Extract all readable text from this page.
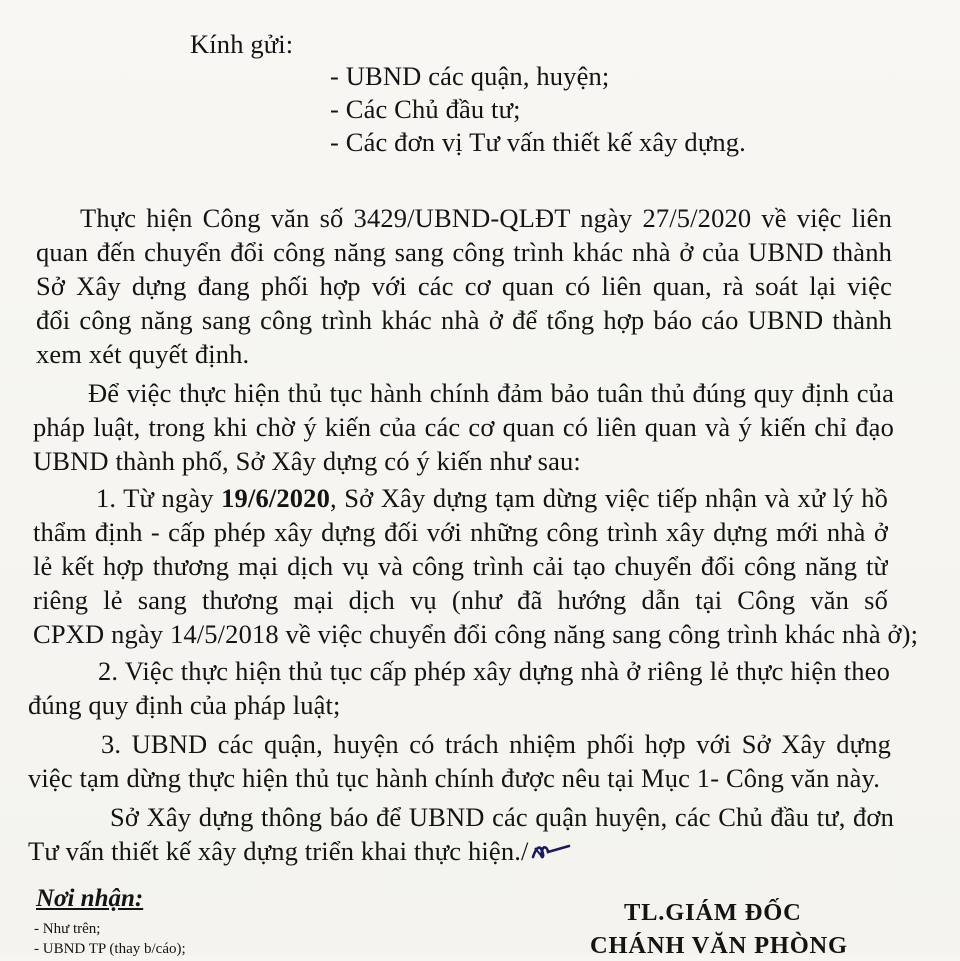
Kính gửi:
- UBND các quận, huyện;
- Các Chủ đầu tư;
- Các đơn vị Tư vấn thiết kế xây dựng.
Thực hiện Công văn số 3429/UBND-QLĐT ngày 27/5/2020 về việc liên
quan đến chuyển đổi công năng sang công trình khác nhà ở của UBND thành
Sở Xây dựng đang phối hợp với các cơ quan có liên quan, rà soát lại việc
đổi công năng sang công trình khác nhà ở để tổng hợp báo cáo UBND thành
xem xét quyết định.
Để việc thực hiện thủ tục hành chính đảm bảo tuân thủ đúng quy định của
pháp luật, trong khi chờ ý kiến của các cơ quan có liên quan và ý kiến chỉ đạo
UBND thành phố, Sở Xây dựng có ý kiến như sau:
1. Từ ngày 19/6/2020, Sở Xây dựng tạm dừng việc tiếp nhận và xử lý hồ
thẩm định - cấp phép xây dựng đối với những công trình xây dựng mới nhà ở
lẻ kết hợp thương mại dịch vụ và công trình cải tạo chuyển đổi công năng từ
riêng lẻ sang thương mại dịch vụ (như đã hướng dẫn tại Công văn số
CPXD ngày 14/5/2018 về việc chuyển đổi công năng sang công trình khác nhà ở);
2. Việc thực hiện thủ tục cấp phép xây dựng nhà ở riêng lẻ thực hiện theo
đúng quy định của pháp luật;
3. UBND các quận, huyện có trách nhiệm phối hợp với Sở Xây dựng
việc tạm dừng thực hiện thủ tục hành chính được nêu tại Mục 1- Công văn này.
Sở Xây dựng thông báo để UBND các quận huyện, các Chủ đầu tư, đơn
Tư vấn thiết kế xây dựng triển khai thực hiện./
Nơi nhận:
- Như trên;
- UBND TP (thay b/cáo);
TL.GIÁM ĐỐC
CHÁNH VĂN PHÒNG
